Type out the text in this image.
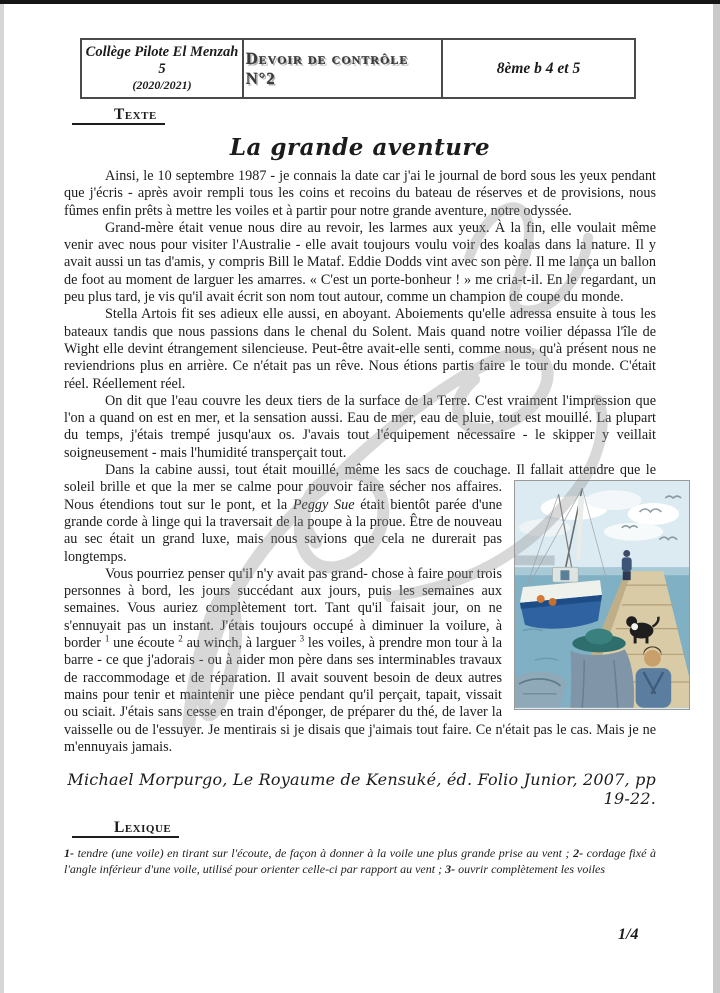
Collège Pilote El Menzah 5
(2020/2021)
Devoir de contrôle N°2
8ème b 4 et 5
Texte
La grande aventure

Ainsi, le 10 septembre 1987 - je connais la date car j'ai le journal de bord sous les yeux pendant que j'écris - après avoir rempli tous les coins et recoins du bateau de réserves et de provisions, nous fûmes enfin prêts à mettre les voiles et à partir pour notre grande aventure, notre odyssée.

Grand-mère était venue nous dire au revoir, les larmes aux yeux. À la fin, elle voulait même venir avec nous pour visiter l'Australie - elle avait toujours voulu voir des koalas dans la nature. Il y avait aussi un tas d'amis, y compris Bill le Mataf. Eddie Dodds vint avec son père. Il me lança un ballon de foot au moment de larguer les amarres. « C'est un porte-bonheur ! » me cria-t-il. En le regardant, un peu plus tard, je vis qu'il avait écrit son nom tout autour, comme un champion de coupe du monde.

Stella Artois fit ses adieux elle aussi, en aboyant. Aboiements qu'elle adressa ensuite à tous les bateaux tandis que nous passions dans le chenal du Solent. Mais quand notre voilier dépassa l'île de Wight elle devint étrangement silencieuse. Peut-être avait-elle senti, comme nous, qu'à présent nous ne reviendrions plus en arrière. Ce n'était pas un rêve. Nous étions partis faire le tour du monde. C'était réel. Réellement réel.

On dit que l'eau couvre les deux tiers de la surface de la Terre. C'est vraiment l'impression que l'on a quand on est en mer, et la sensation aussi. Eau de mer, eau de pluie, tout est mouillé. La plupart du temps, j'étais trempé jusqu'aux os. J'avais tout l'équipement nécessaire - le skipper y veillait soigneusement - mais l'humidité transperçait tout.

Dans la cabine aussi, tout était mouillé, même les sacs de couchage. Il fallait attendre que le soleil brille et que la mer se calme pour pouvoir faire sécher nos affaires. Nous étendions tout sur le pont, et la Peggy Sue était bientôt parée d'une grande corde à linge qui la traversait de la poupe à la proue. Être de nouveau au sec était un grand luxe, mais nous savions que cela ne durerait pas longtemps.

Vous pourriez penser qu'il n'y avait pas grand- chose à faire pour trois personnes à bord, les jours succédant aux jours, puis les semaines aux semaines. Vous auriez complètement tort. Tant qu'il faisait jour, on ne s'ennuyait pas un instant. J'étais toujours occupé à diminuer la voilure, à border $^1$ une écoute $^2$ au winch, à larguer $^3$ les voiles, à prendre mon tour à la barre - ce que j'adorais - ou à aider mon père dans ses interminables travaux de raccommodage et de réparation. Il avait souvent besoin de deux autres mains pour tenir et maintenir une pièce pendant qu'il perçait, tapait, vissait ou sciait. J'étais sans cesse en train d'éponger, de préparer du thé, de laver la vaisselle ou de l'essuyer. Je mentirais si je disais que j'aimais tout faire. Ce n'était pas le cas. Mais je ne m'ennuyais jamais.

Michael Morpurgo, Le Royaume de Kensuké, éd. Folio Junior, 2007, pp 19-22.
Lexique

1- tendre (une voile) en tirant sur l'écoute, de façon à donner à la voile une plus grande prise au vent ; 2- cordage fixé à l'angle inférieur d'une voile, utilisé pour orienter celle-ci par rapport au vent ; 3- ouvrir complètement les voiles

1/4
